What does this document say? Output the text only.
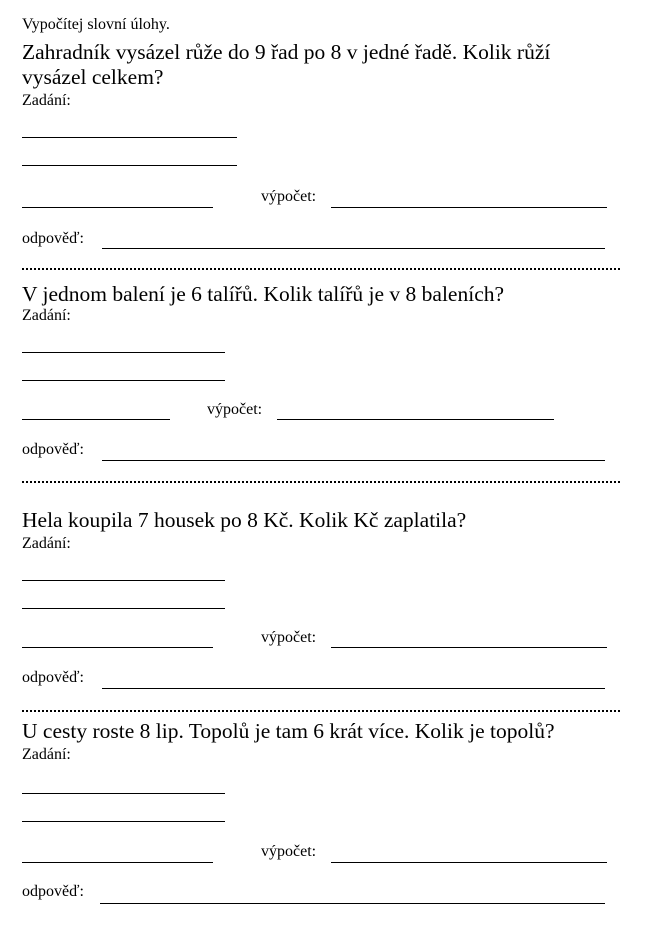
Vypočítej slovní úlohy.
Zahradník vysázel růže do 9 řad po 8 v jedné řadě. Kolik růží
vysázel celkem?
Zadání:
výpočet:
odpověď:
V jednom balení je 6 talířů. Kolik talířů je v 8 baleních?
Zadání:
výpočet:
odpověď:
Hela koupila 7 housek po 8 Kč. Kolik Kč zaplatila?
Zadání:
výpočet:
odpověď:
U cesty roste 8 lip. Topolů je tam 6 krát více. Kolik je topolů?
Zadání:
výpočet:
odpověď:
